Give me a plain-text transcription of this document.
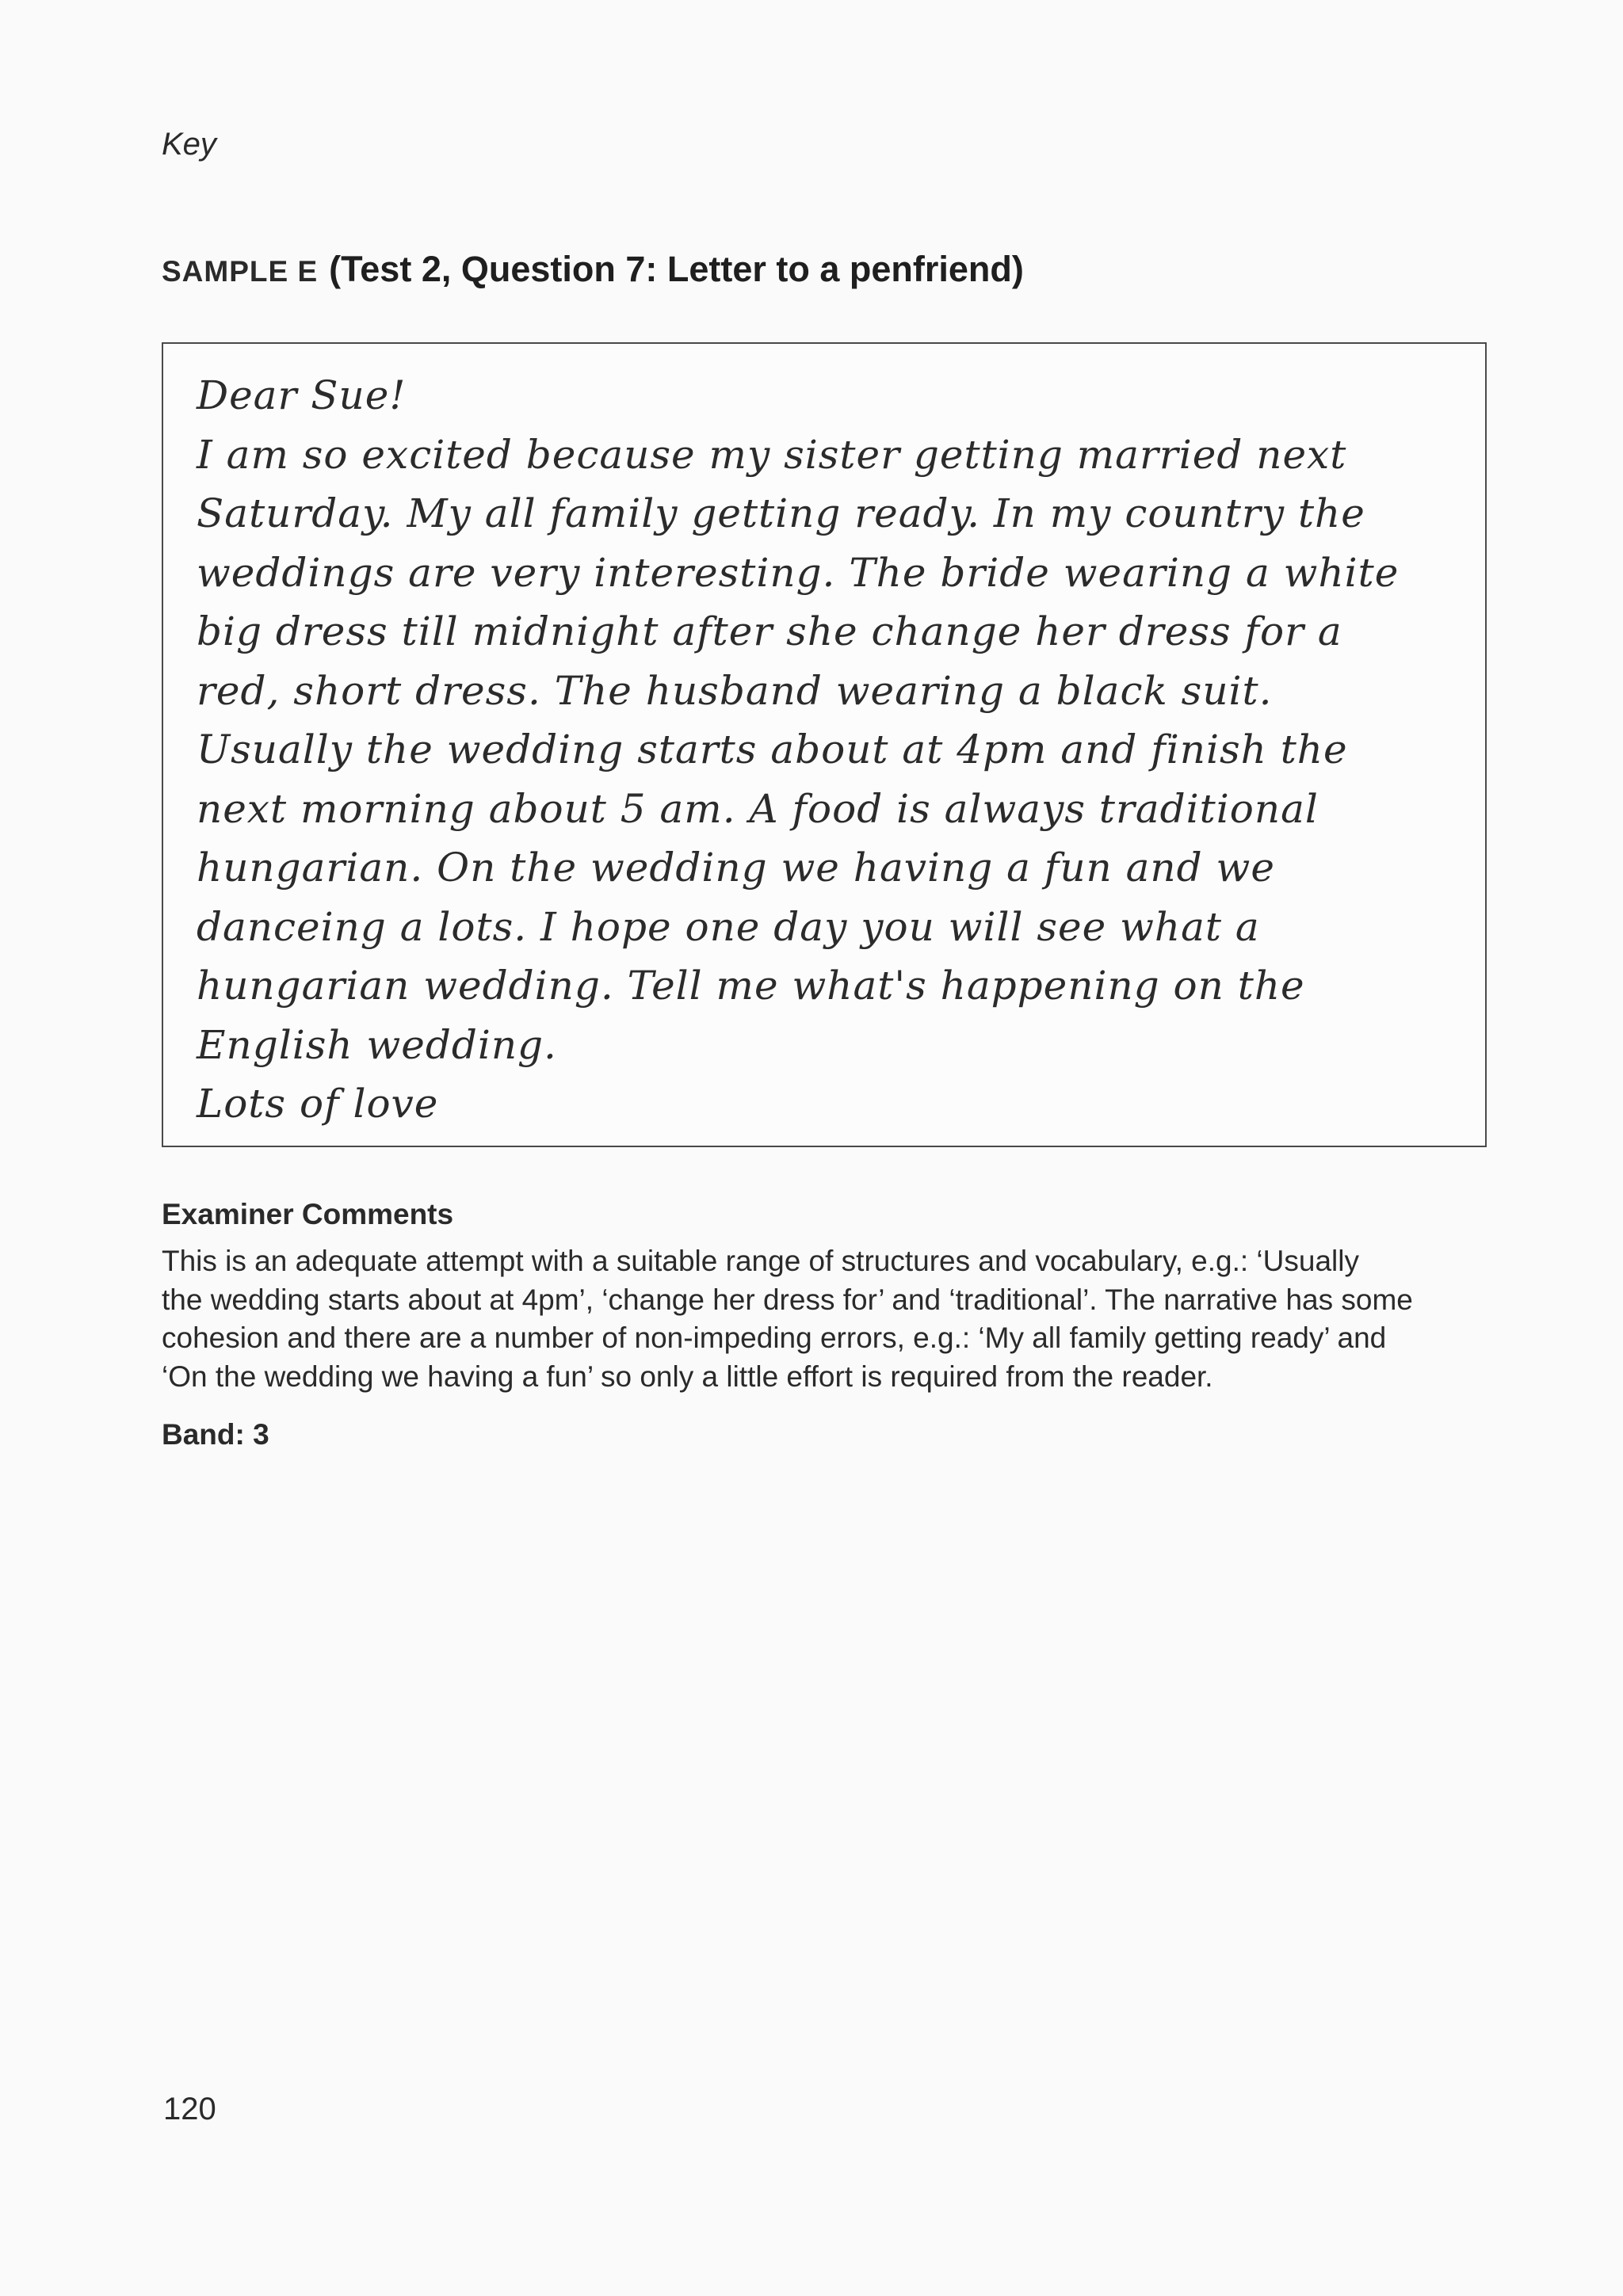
Key
SAMPLE E (Test 2, Question 7: Letter to a penfriend)
Dear Sue!
I am so excited because my sister getting married next
Saturday. My all family getting ready. In my country the
weddings are very interesting. The bride wearing a white
big dress till midnight after she change her dress for a
red, short dress. The husband wearing a black suit.
Usually the wedding starts about at 4pm and finish the
next morning about 5 am. A food is always traditional
hungarian. On the wedding we having a fun and we
danceing a lots. I hope one day you will see what a
hungarian wedding. Tell me what's happening on the
English wedding.
Lots of love
Examiner Comments
This is an adequate attempt with a suitable range of structures and vocabulary, e.g.: ‘Usually
the wedding starts about at 4pm’, ‘change her dress for’ and ‘traditional’. The narrative has some
cohesion and there are a number of non-impeding errors, e.g.: ‘My all family getting ready’ and
‘On the wedding we having a fun’ so only a little effort is required from the reader.
Band: 3
120
